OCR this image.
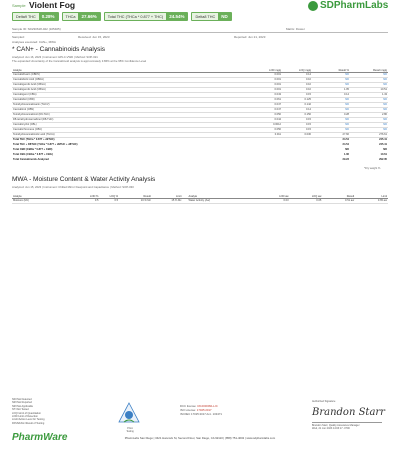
Sample Violent Fog
Delta9 THC	0.28%	THCa	27.66%	Total THC (THCa * 0.877 + THC)	24.54%	Delta8 THC	ND
SDPharmLabs
Sample ID: SD230618-022 (105405)	Matrix: Flower
Sampled:	Received: Jun 15, 2023	Reported: Jun 21, 2023
Analyses executed: CAN+, MWA
* CAN+ - Cannabinoids Analysis
Analyzed: Jun 16, 2023 | Instrument: HPLC-VWD | Method: SOP-021
The expanded Uncertainty of the Cannabinoid analysis is approximately 3.86% at the 95% Confidence Level
Analyte	LOD mg/g	LOQ mg/g	Result %	Result mg/g
Cannabidivarin (CBDV)	0.001	0.14	ND	ND
Cannabidiolic Acid (CBDA)	0.001	0.10	ND	ND
Cannabigerolic Acid (CBGA)	0.001	0.10	ND	ND
Cannabigerolic Acid (CBGA)	0.001	0.10	1.05	10.51
Cannabigerol (CBG)	0.043	0.15	0.14	1.43
Cannabidiol (CBD)	0.061	0.125	ND	ND
Tetrahydrocannabivarin (THCV)	0.047	0.142	ND	ND
Cannabinol (CBN)	0.047	0.14	ND	ND
Tetrahydrocannabinol (D9-THC)	0.050	0.150	0.28	2.80
D8-tetrahydrocannabinol (D8-THC)	0.044	0.15	ND	ND
Cannabicyclol (CBL)	0.0012	0.15	ND	ND
Cannabichromene (CBC)	0.050	0.15	ND	ND
Tetrahydrocannabinolic acid (THCA)	0.011	0.030	27.66	276.61
Total THC (THCa * 0.877 + d9THC)			24.54	245.41
Total THC + D8THC (THCa * 0.877 + d9THC + d8THC)			24.54	245.41
Total CBD (CBDa * 0.877 + CBD)			ND	ND
Total CBG (CBGa * 0.877 + CBG)			1.06	10.61
Total Cannabinoids Analyzed			29.23	292.35
*Dry weight %
MWA - Moisture Content & Water Activity Analysis
Analyzed: Jun 15, 2023 | Instrument: Chilled Mirror Dewpoint and Capacitance | Method: SOP-030
Analyte	LOD %	LOQ %	Result	Limit	Analyte	LOD aw	LOQ aw	Result	Limit
Moisture (Mc)	0.5	0.5	10.% Mc	15 % Mc	Water Activity (Aw)	0.03	0.05	0.51 aw	0.65 aw
ND=Not Detected
NR=Not Reported
NR=Not Applicable
NT=Not Tested
LOQ=Limit of Quantitation
LOD=Limit of Detection
Limit=Action Level for Testing
PASS/FAIL=Result of Testing
PharmWare
PJLA
Testing
DCC license: C8-0000091-LIC
ISO License: 17025:2017
ISO/IEC 17025:2017 Acc. 103471
Authorized Signature
Brandon Starr
Brandon Starr, Quality Assurance Manager
Wed, 21 Jun 2023 14:03:17 -0700
PharmLabs San Diego | 3421 Hancock St, Second Floor, San Diego, CA 92110 | (858) 751-4002 | www.sdpharmlabs.com
